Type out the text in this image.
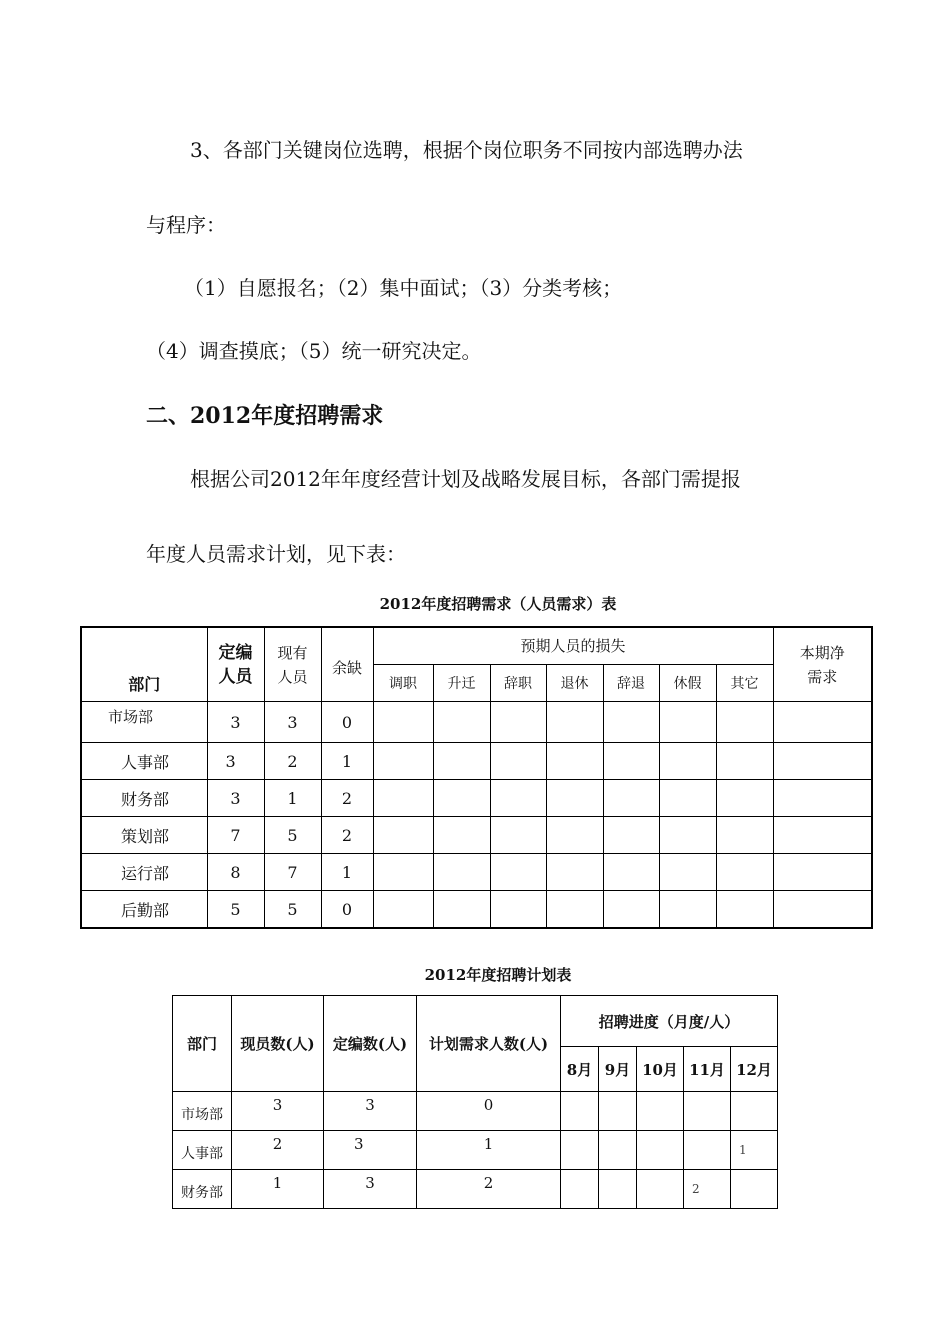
3、各部门关键岗位选聘，根据个岗位职务不同按内部选聘办法
与程序：
（1）自愿报名；（2）集中面试；（3）分类考核；
（4）调查摸底；（5）统一研究决定。
二、2012年度招聘需求
根据公司2012年年度经营计划及战略发展目标，各部门需提报
年度人员需求计划，见下表：
2012年度招聘需求（人员需求）表
部门	定编人员	现有人员	余缺	预期人员的损失							本期净需求
				调职	升迁	辞职	退休	辞退	休假	其它	
市场部	3	3	0								
人事部	3	2	1								
财务部	3	1	2								
策划部	7	5	2								
运行部	8	7	1								
后勤部	5	5	0								
2012年度招聘计划表
部门	现员数(人)	定编数(人)	计划需求人数(人)	招聘进度（月度/人）				
				8月	9月	10月	11月	12月
市场部	3	3	0					
人事部	2	3	1					1
财务部	1	3	2				2	
